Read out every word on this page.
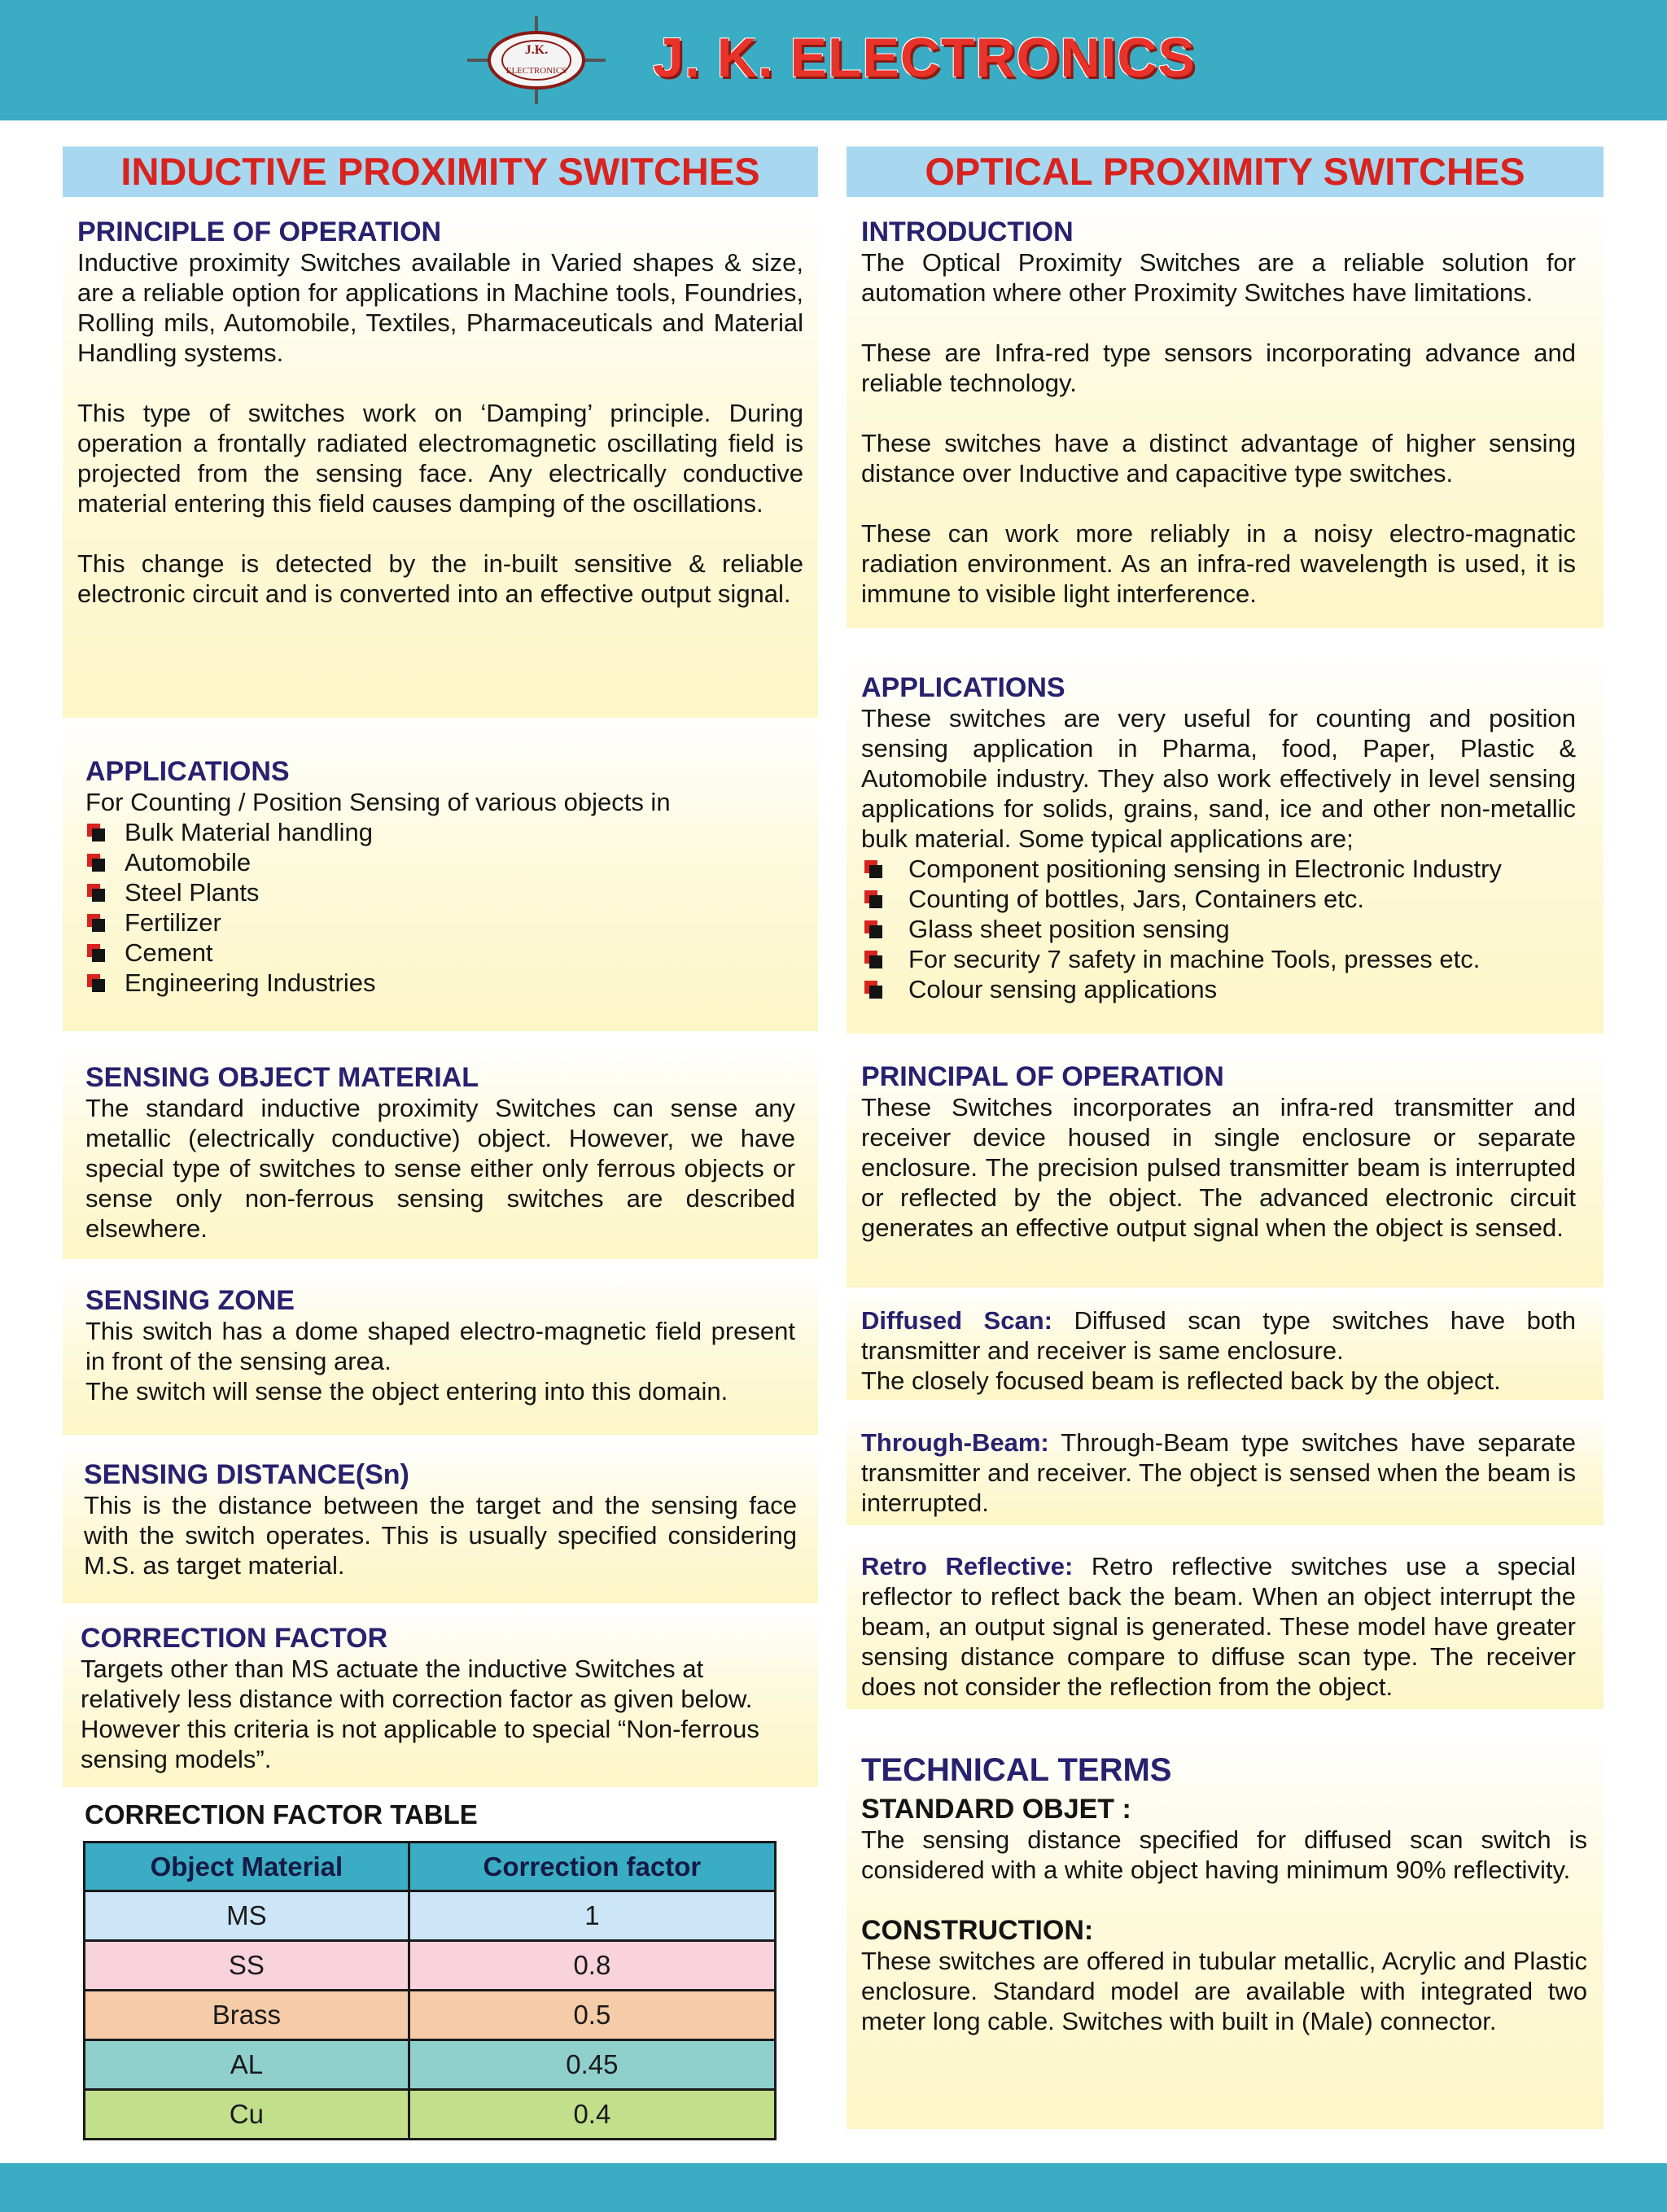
J.K.
ELECTRONICS J. K. ELECTRONICS
INDUCTIVE PROXIMITY SWITCHES

PRINCIPLE OF OPERATION

Inductive proximity Switches available in Varied shapes & size, are a reliable option for applications in Machine tools, Foundries, Rolling mils, Automobile, Textiles, Pharmaceuticals and Material Handling systems.

This type of switches work on ‘Damping’ principle. During operation a frontally radiated electromagnetic oscillating field is projected from the sensing face. Any electrically conductive material entering this field causes damping of the oscillations.

This change is detected by the in-built sensitive & reliable electronic circuit and is converted into an effective output signal.

APPLICATIONS

For Counting / Position Sensing of various objects in

Bulk Material handling
Automobile
Steel Plants
Fertilizer
Cement
Engineering Industries

SENSING OBJECT MATERIAL

The standard inductive proximity Switches can sense any metallic (electrically conductive) object. However, we have special type of switches to sense either only ferrous objects or sense only non-ferrous sensing switches are described elsewhere.

SENSING ZONE

This switch has a dome shaped electro-magnetic field present in front of the sensing area.

The switch will sense the object entering into this domain.

SENSING DISTANCE(Sn)

This is the distance between the target and the sensing face with the switch operates. This is usually specified considering M.S. as target material.

CORRECTION FACTOR

Targets other than MS actuate the inductive Switches at relatively less distance with correction factor as given below. However this criteria is not applicable to special “Non-ferrous sensing models”.

CORRECTION FACTOR TABLE
Object Material	Correction factor
MS	1
SS	0.8
Brass	0.5
AL	0.45
Cu	0.4
OPTICAL PROXIMITY SWITCHES

INTRODUCTION

The Optical Proximity Switches are a reliable solution for automation where other Proximity Switches have limitations.

These are Infra-red type sensors incorporating advance and reliable technology.

These switches have a distinct advantage of higher sensing distance over Inductive and capacitive type switches.

These can work more reliably in a noisy electro-magnatic radiation environment. As an infra-red wavelength is used, it is immune to visible light interference.

APPLICATIONS

These switches are very useful for counting and position sensing application in Pharma, food, Paper, Plastic & Automobile industry. They also work effectively in level sensing applications for solids, grains, sand, ice and other non-metallic bulk material. Some typical applications are;

Component positioning sensing in Electronic Industry
Counting of bottles, Jars, Containers etc.
Glass sheet position sensing
For security 7 safety in machine Tools, presses etc.
Colour sensing applications

PRINCIPAL OF OPERATION

These Switches incorporates an infra-red transmitter and receiver device housed in single enclosure or separate enclosure. The precision pulsed transmitter beam is interrupted or reflected by the object. The advanced electronic circuit generates an effective output signal when the object is sensed.

Diffused Scan: Diffused scan type switches have both transmitter and receiver is same enclosure.

The closely focused beam is reflected back by the object.

Through-Beam: Through-Beam type switches have separate transmitter and receiver. The object is sensed when the beam is interrupted.

Retro Reflective: Retro reflective switches use a special reflector to reflect back the beam. When an object interrupt the beam, an output signal is generated. These model have greater sensing distance compare to diffuse scan type. The receiver does not consider the reflection from the object.

TECHNICAL TERMS

STANDARD OBJET :

The sensing distance specified for diffused scan switch is considered with a white object having minimum 90% reflectivity.

CONSTRUCTION:

These switches are offered in tubular metallic, Acrylic and Plastic enclosure. Standard model are available with integrated two meter long cable. Switches with built in (Male) connector.
